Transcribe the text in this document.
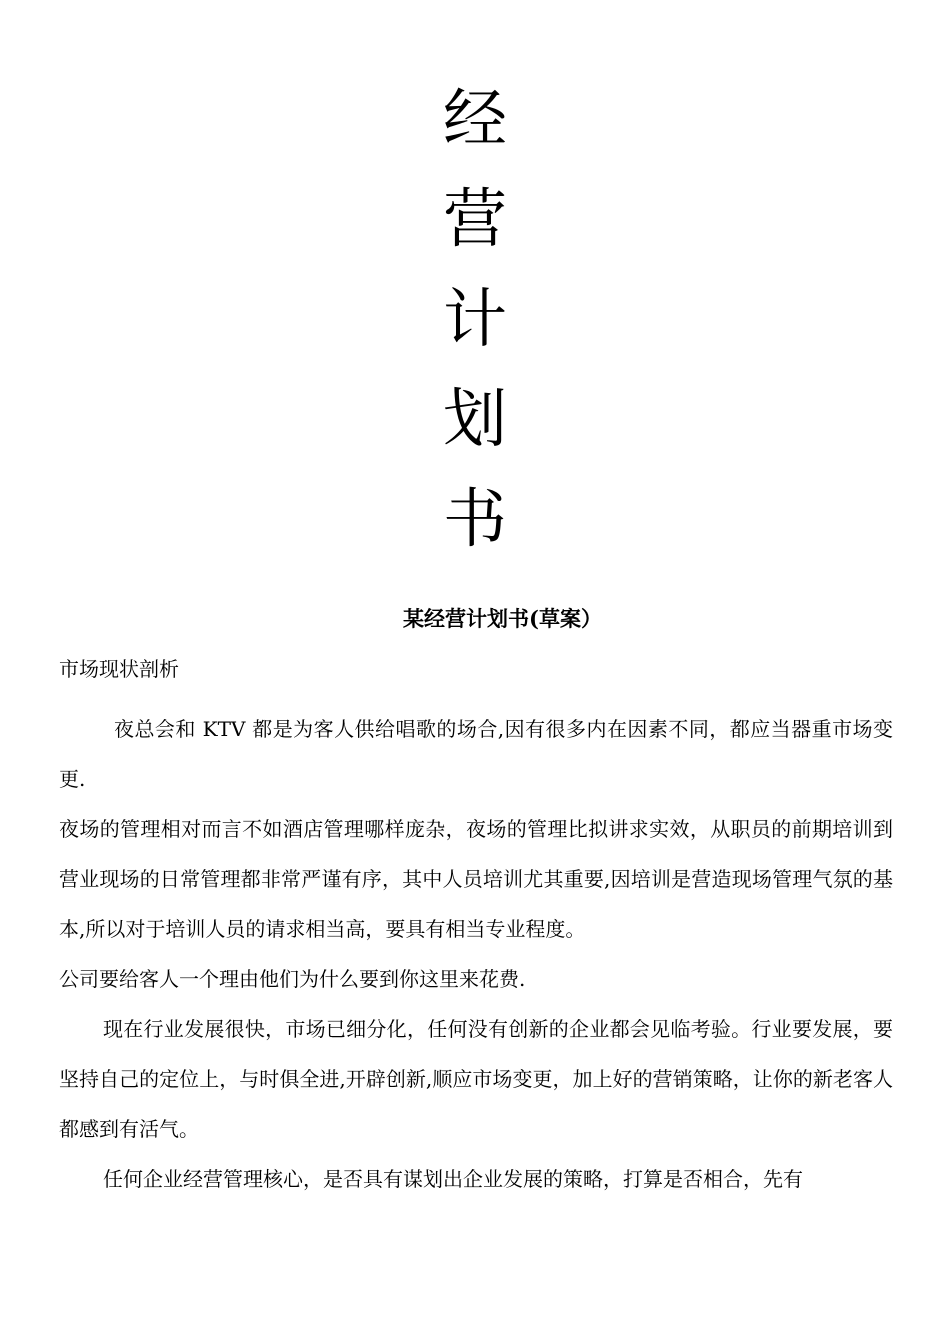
经
营
计
划
书
某经营计划书(草案）
市场现状剖析

夜总会和 KTV 都是为客人供给唱歌的场合,因有很多内在因素不同，都应当器重市场变更.

夜场的管理相对而言不如酒店管理哪样庞杂，夜场的管理比拟讲求实效，从职员的前期培训到营业现场的日常管理都非常严谨有序，其中人员培训尤其重要,因培训是营造现场管理气氛的基本,所以对于培训人员的请求相当高，要具有相当专业程度。

公司要给客人一个理由他们为什么要到你这里来花费.

现在行业发展很快，市场已细分化，任何没有创新的企业都会见临考验。行业要发展，要坚持自己的定位上，与时俱全进,开辟创新,顺应市场变更，加上好的营销策略，让你的新老客人都感到有活气。

任何企业经营管理核心，是否具有谋划出企业发展的策略，打算是否相合，先有
